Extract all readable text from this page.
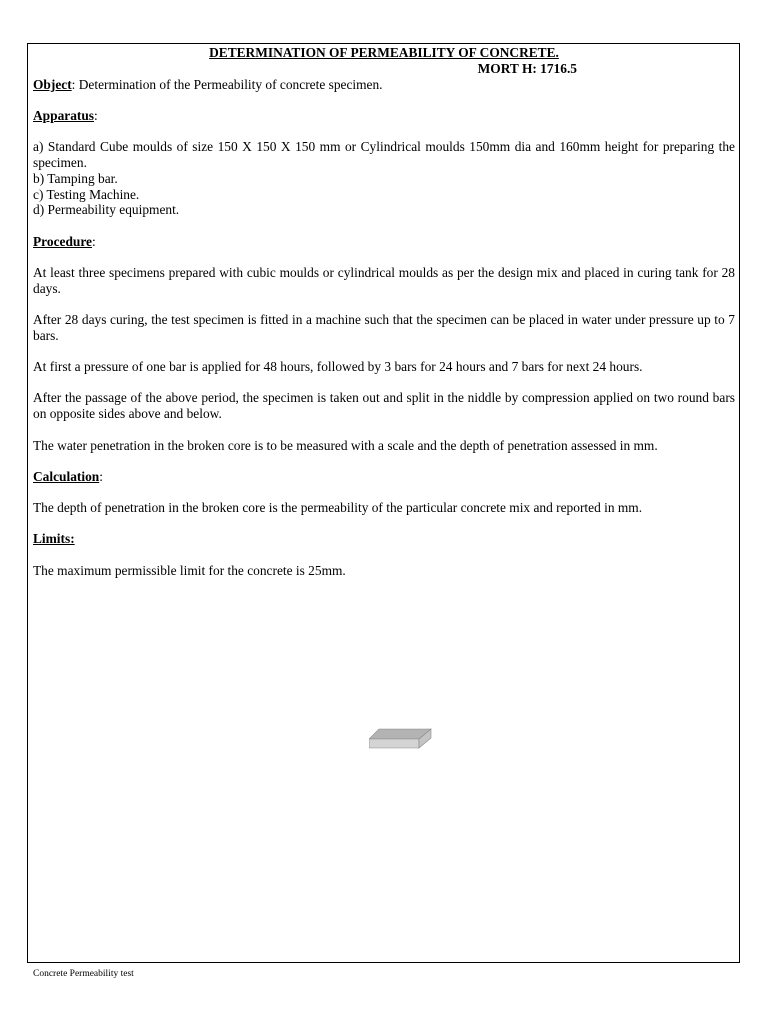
DETERMINATION OF PERMEABILITY OF CONCRETE.

MORT H: 1716.5

Object: Determination of the Permeability of concrete specimen.

Apparatus:

a) Standard Cube moulds of size 150 X 150 X 150 mm or Cylindrical moulds 150mm dia and 160mm height for preparing the specimen.

b) Tamping bar.

c) Testing Machine.

d) Permeability equipment.

Procedure:

At least three specimens prepared with cubic moulds or cylindrical moulds as per the design mix and placed in curing tank for 28 days.

After 28 days curing, the test specimen is fitted in a machine such that the specimen can be placed in water under pressure up to 7 bars.

At first a pressure of one bar is applied for 48 hours, followed by 3 bars for 24 hours and 7 bars for next 24 hours.

After the passage of the above period, the specimen is taken out and split in the niddle by compression applied on two round bars on opposite sides above and below.

The water penetration in the broken core is to be measured with a scale and the depth of penetration assessed in mm.

Calculation:

The depth of penetration in the broken core is the permeability of the particular concrete mix and reported in mm.

Limits:

The maximum permissible limit for the concrete is 25mm.

Concrete Permeability test
